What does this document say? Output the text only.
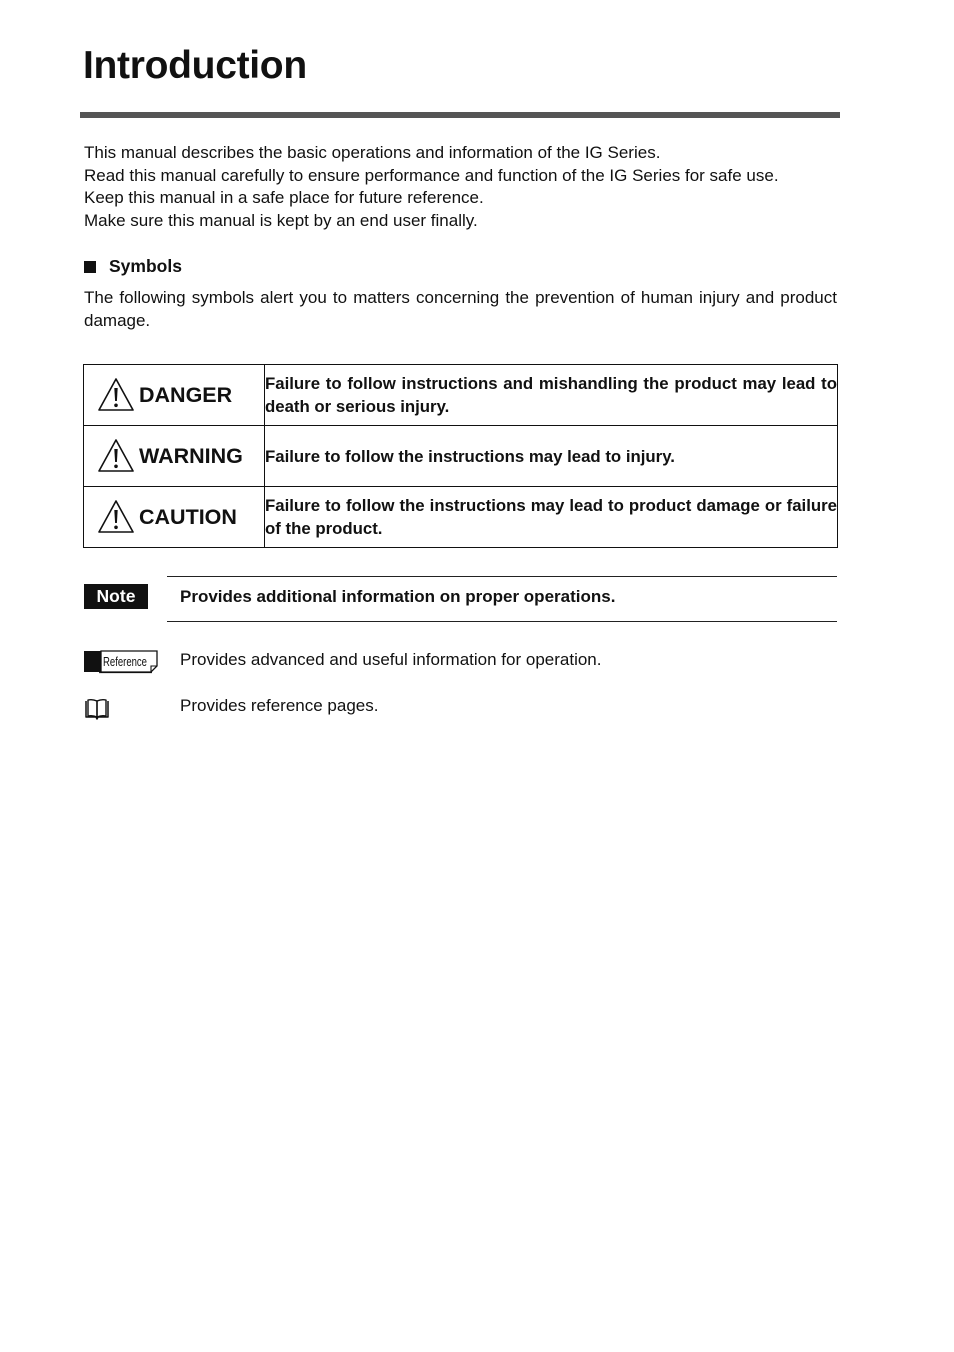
Introduction

This manual describes the basic operations and information of the IG Series.

Read this manual carefully to ensure performance and function of the IG Series for safe use.

Keep this manual in a safe place for future reference.

Make sure this manual is kept by an end user finally.

Symbols

The following symbols alert you to matters concerning the prevention of human injury and product damage.

DANGER	Failure to follow instructions and mishandling the product may lead to death or serious injury.

WARNING	Failure to follow the instructions may lead to injury.

CAUTION	Failure to follow the instructions may lead to product damage or failure of the product.
Note	Provides additional information on proper operations.
Reference Provides advanced and useful information for operation.
Provides reference pages.
